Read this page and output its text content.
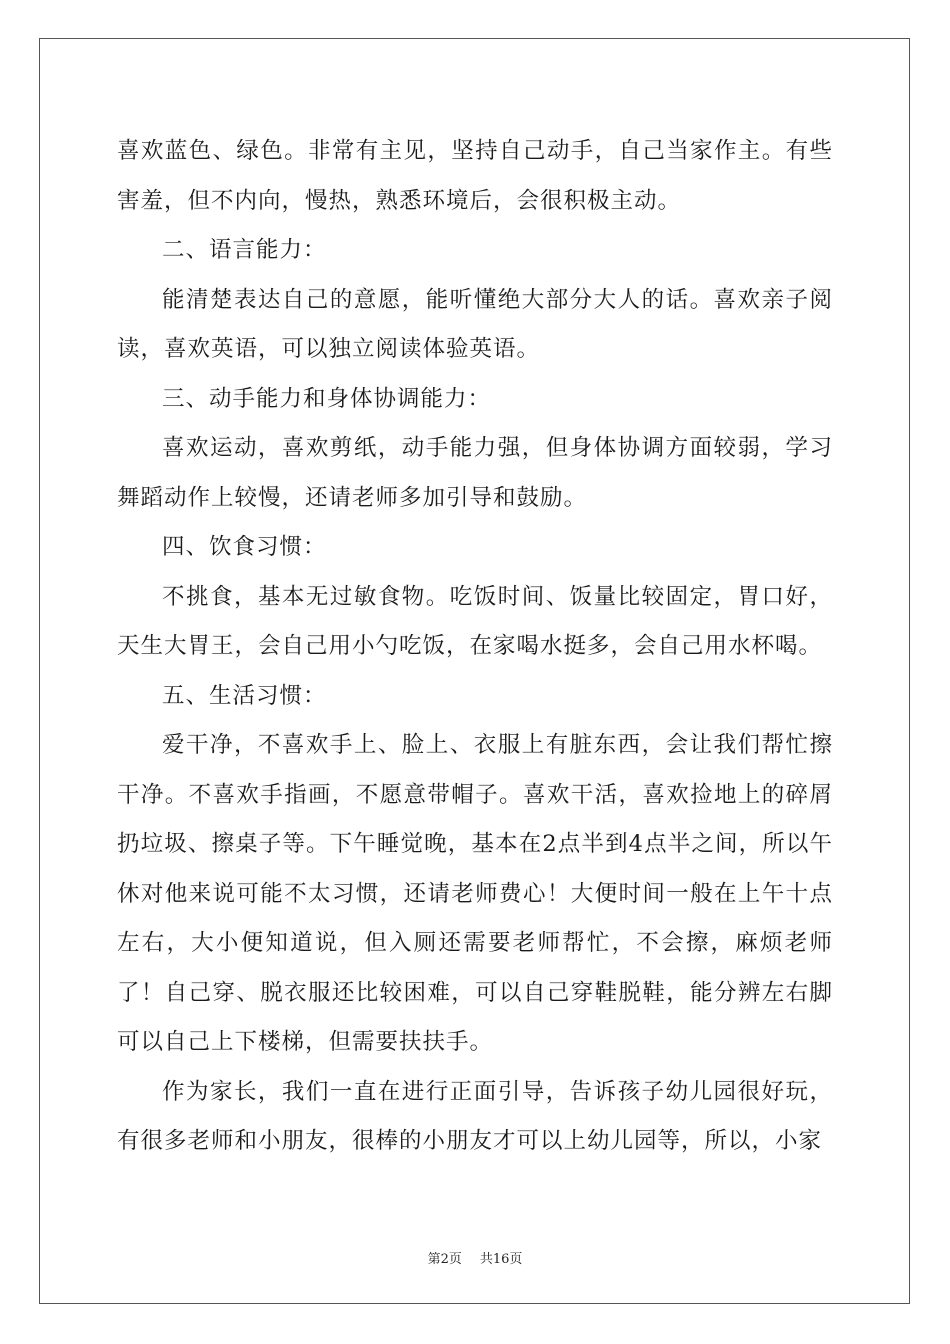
喜欢蓝色、绿色。非常有主见，坚持自己动手，自己当家作主。有些害羞，但不内向，慢热，熟悉环境后，会很积极主动。

二、语言能力：

能清楚表达自己的意愿，能听懂绝大部分大人的话。喜欢亲子阅读，喜欢英语，可以独立阅读体验英语。

三、动手能力和身体协调能力：

喜欢运动，喜欢剪纸，动手能力强，但身体协调方面较弱，学习舞蹈动作上较慢，还请老师多加引导和鼓励。

四、饮食习惯：

不挑食，基本无过敏食物。吃饭时间、饭量比较固定，胃口好，天生大胃王，会自己用小勺吃饭，在家喝水挺多，会自己用水杯喝。

五、生活习惯：

爱干净，不喜欢手上、脸上、衣服上有脏东西，会让我们帮忙擦干净。不喜欢手指画，不愿意带帽子。喜欢干活，喜欢捡地上的碎屑扔垃圾、擦桌子等。下午睡觉晚，基本在2点半到4点半之间，所以午休对他来说可能不太习惯，还请老师费心！大便时间一般在上午十点左右，大小便知道说，但入厕还需要老师帮忙，不会擦，麻烦老师了！自己穿、脱衣服还比较困难，可以自己穿鞋脱鞋，能分辨左右脚可以自己上下楼梯，但需要扶扶手。

作为家长，我们一直在进行正面引导，告诉孩子幼儿园很好玩，有很多老师和小朋友，很棒的小朋友才可以上幼儿园等，所以，小家

第2页 共16页
